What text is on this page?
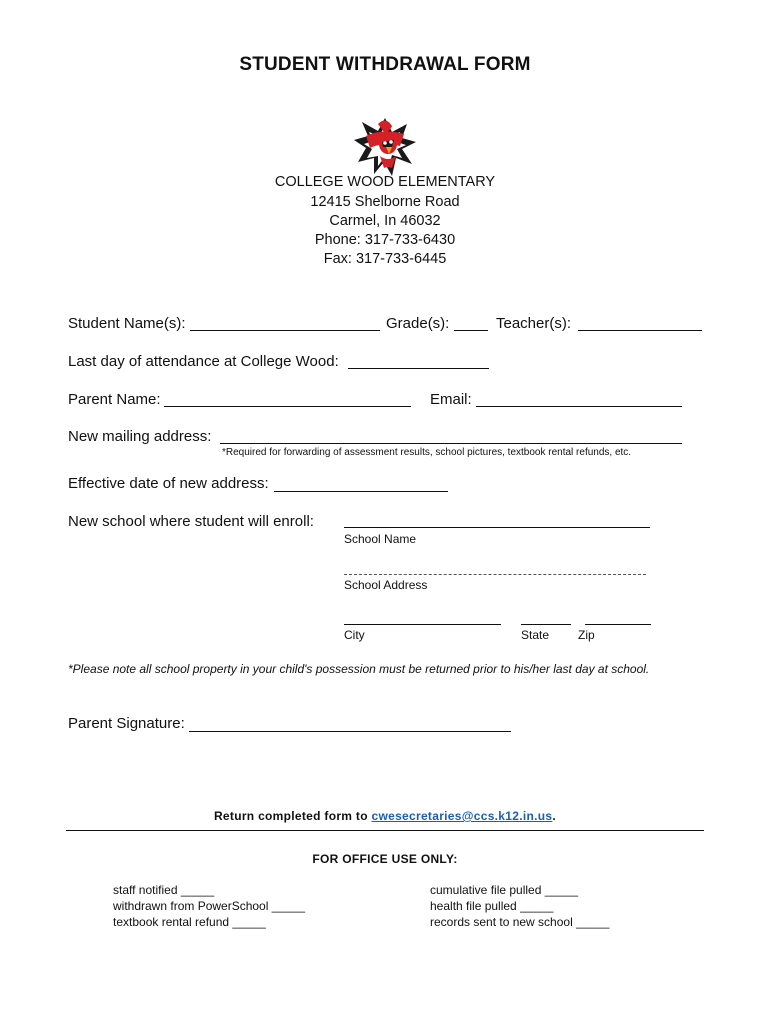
STUDENT WITHDRAWAL FORM
COLLEGE WOOD ELEMENTARY
12415 Shelborne Road
Carmel, In 46032
Phone: 317-733-6430
Fax: 317-733-6445
Student Name(s):	Grade(s):	Teacher(s):
Last day of attendance at College Wood:
Parent Name:	Email:
New mailing address:
*Required for forwarding of assessment results, school pictures, textbook rental refunds, etc.
Effective date of new address:
New school where student will enroll:
School Name
School Address
City	State Zip
*Please note all school property in your child's possession must be returned prior to his/her last day at school.
Parent Signature:
Return completed form to cwesecretaries@ccs.k12.in.us.
FOR OFFICE USE ONLY:
staff notified _____
withdrawn from PowerSchool _____
textbook rental refund _____
cumulative file pulled _____
health file pulled _____
records sent to new school _____
